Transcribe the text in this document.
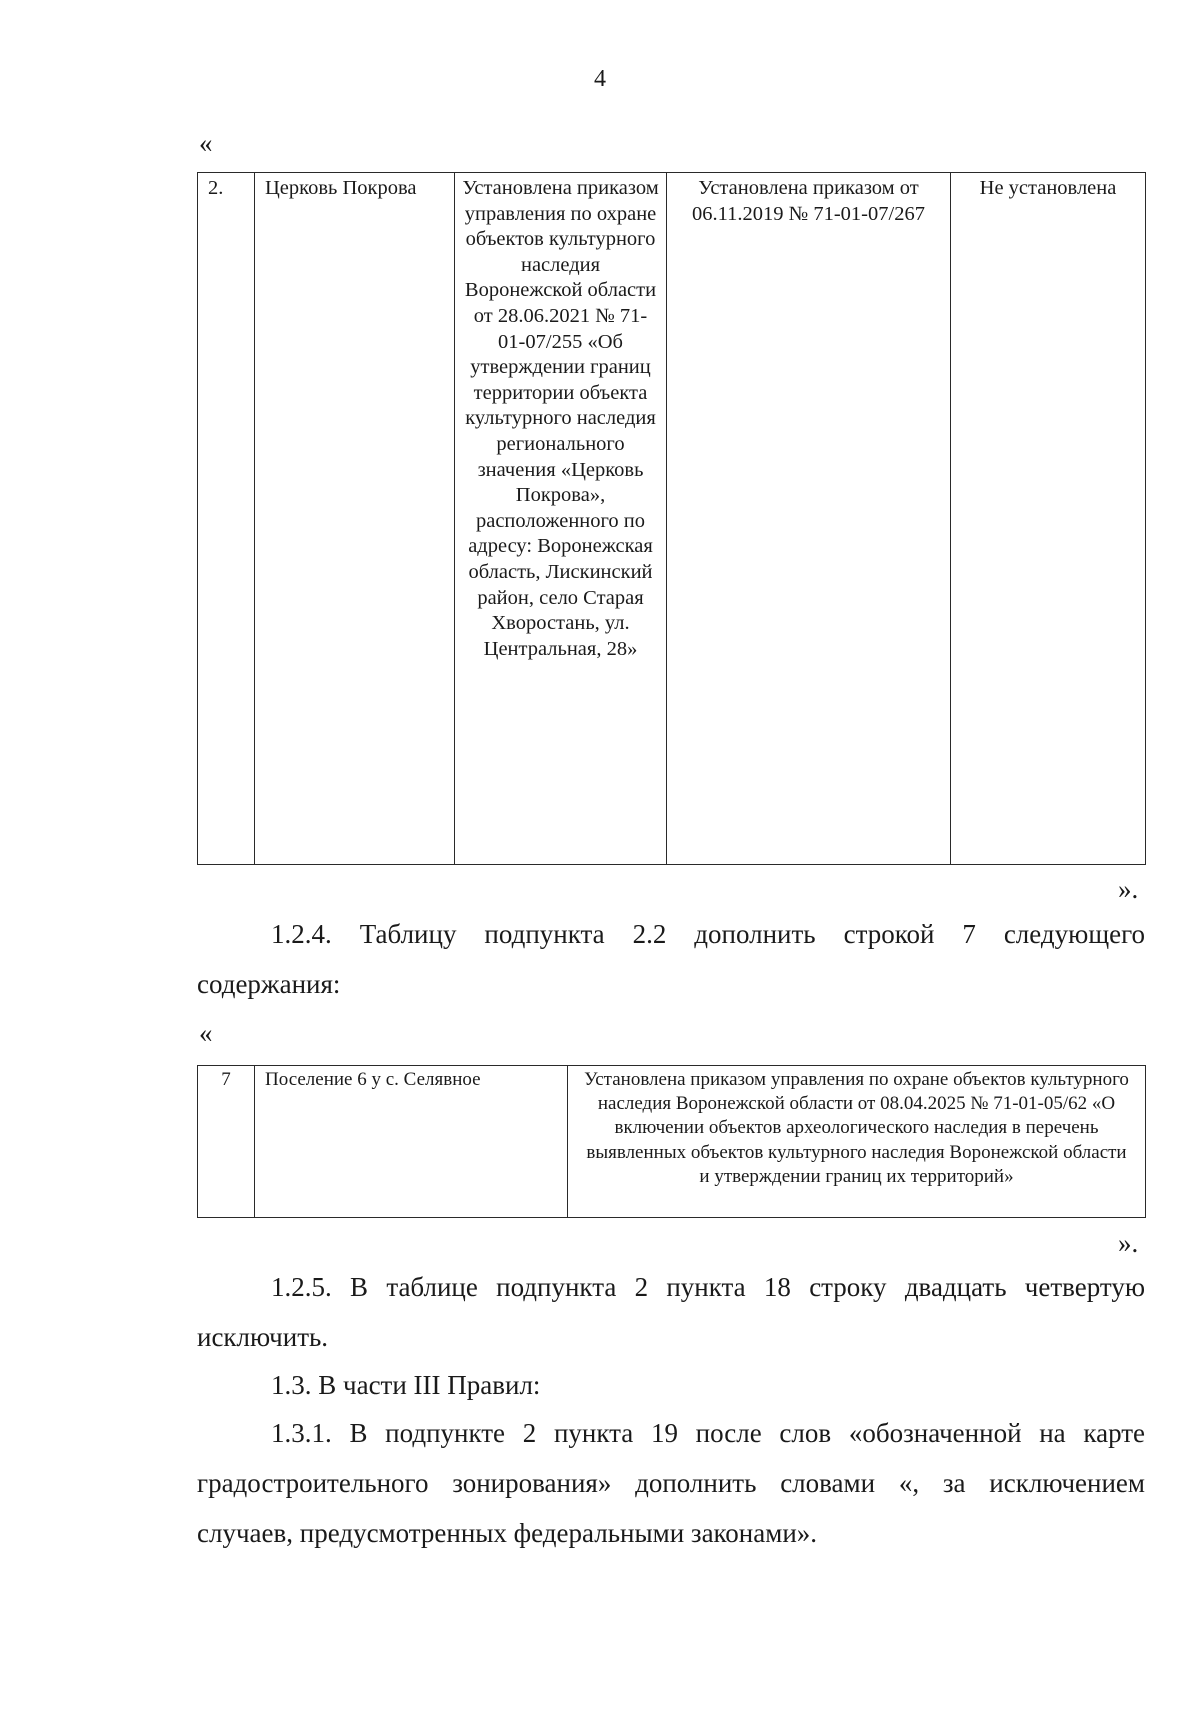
4
«
2.	Церковь Покрова	Установлена приказом управления по охране объектов культурного наследия Воронежской области от 28.06.2021 № 71-01-07/255 «Об утверждении границ территории объекта культурного наследия регионального значения «Церковь Покрова», расположенного по адресу: Воронежская область, Лискинский район, село Старая Хворостань, ул. Центральная, 28»	Установлена приказом от 06.11.2019 № 71-01-07/267	Не установлена
».
1.2.4. Таблицу подпункта 2.2 дополнить строкой 7 следующего содержания:
«
7	Поселение 6 у с. Селявное	Установлена приказом управления по охране объектов культурного наследия Воронежской области от 08.04.2025 № 71-01-05/62 «О включении объектов археологического наследия в перечень выявленных объектов культурного наследия Воронежской области и утверждении границ их территорий»
».
1.2.5. В таблице подпункта 2 пункта 18 строку двадцать четвертую исключить.
1.3. В части III Правил:
1.3.1. В подпункте 2 пункта 19 после слов «обозначенной на карте градостроительного зонирования» дополнить словами «, за исключением случаев, предусмотренных федеральными законами».
